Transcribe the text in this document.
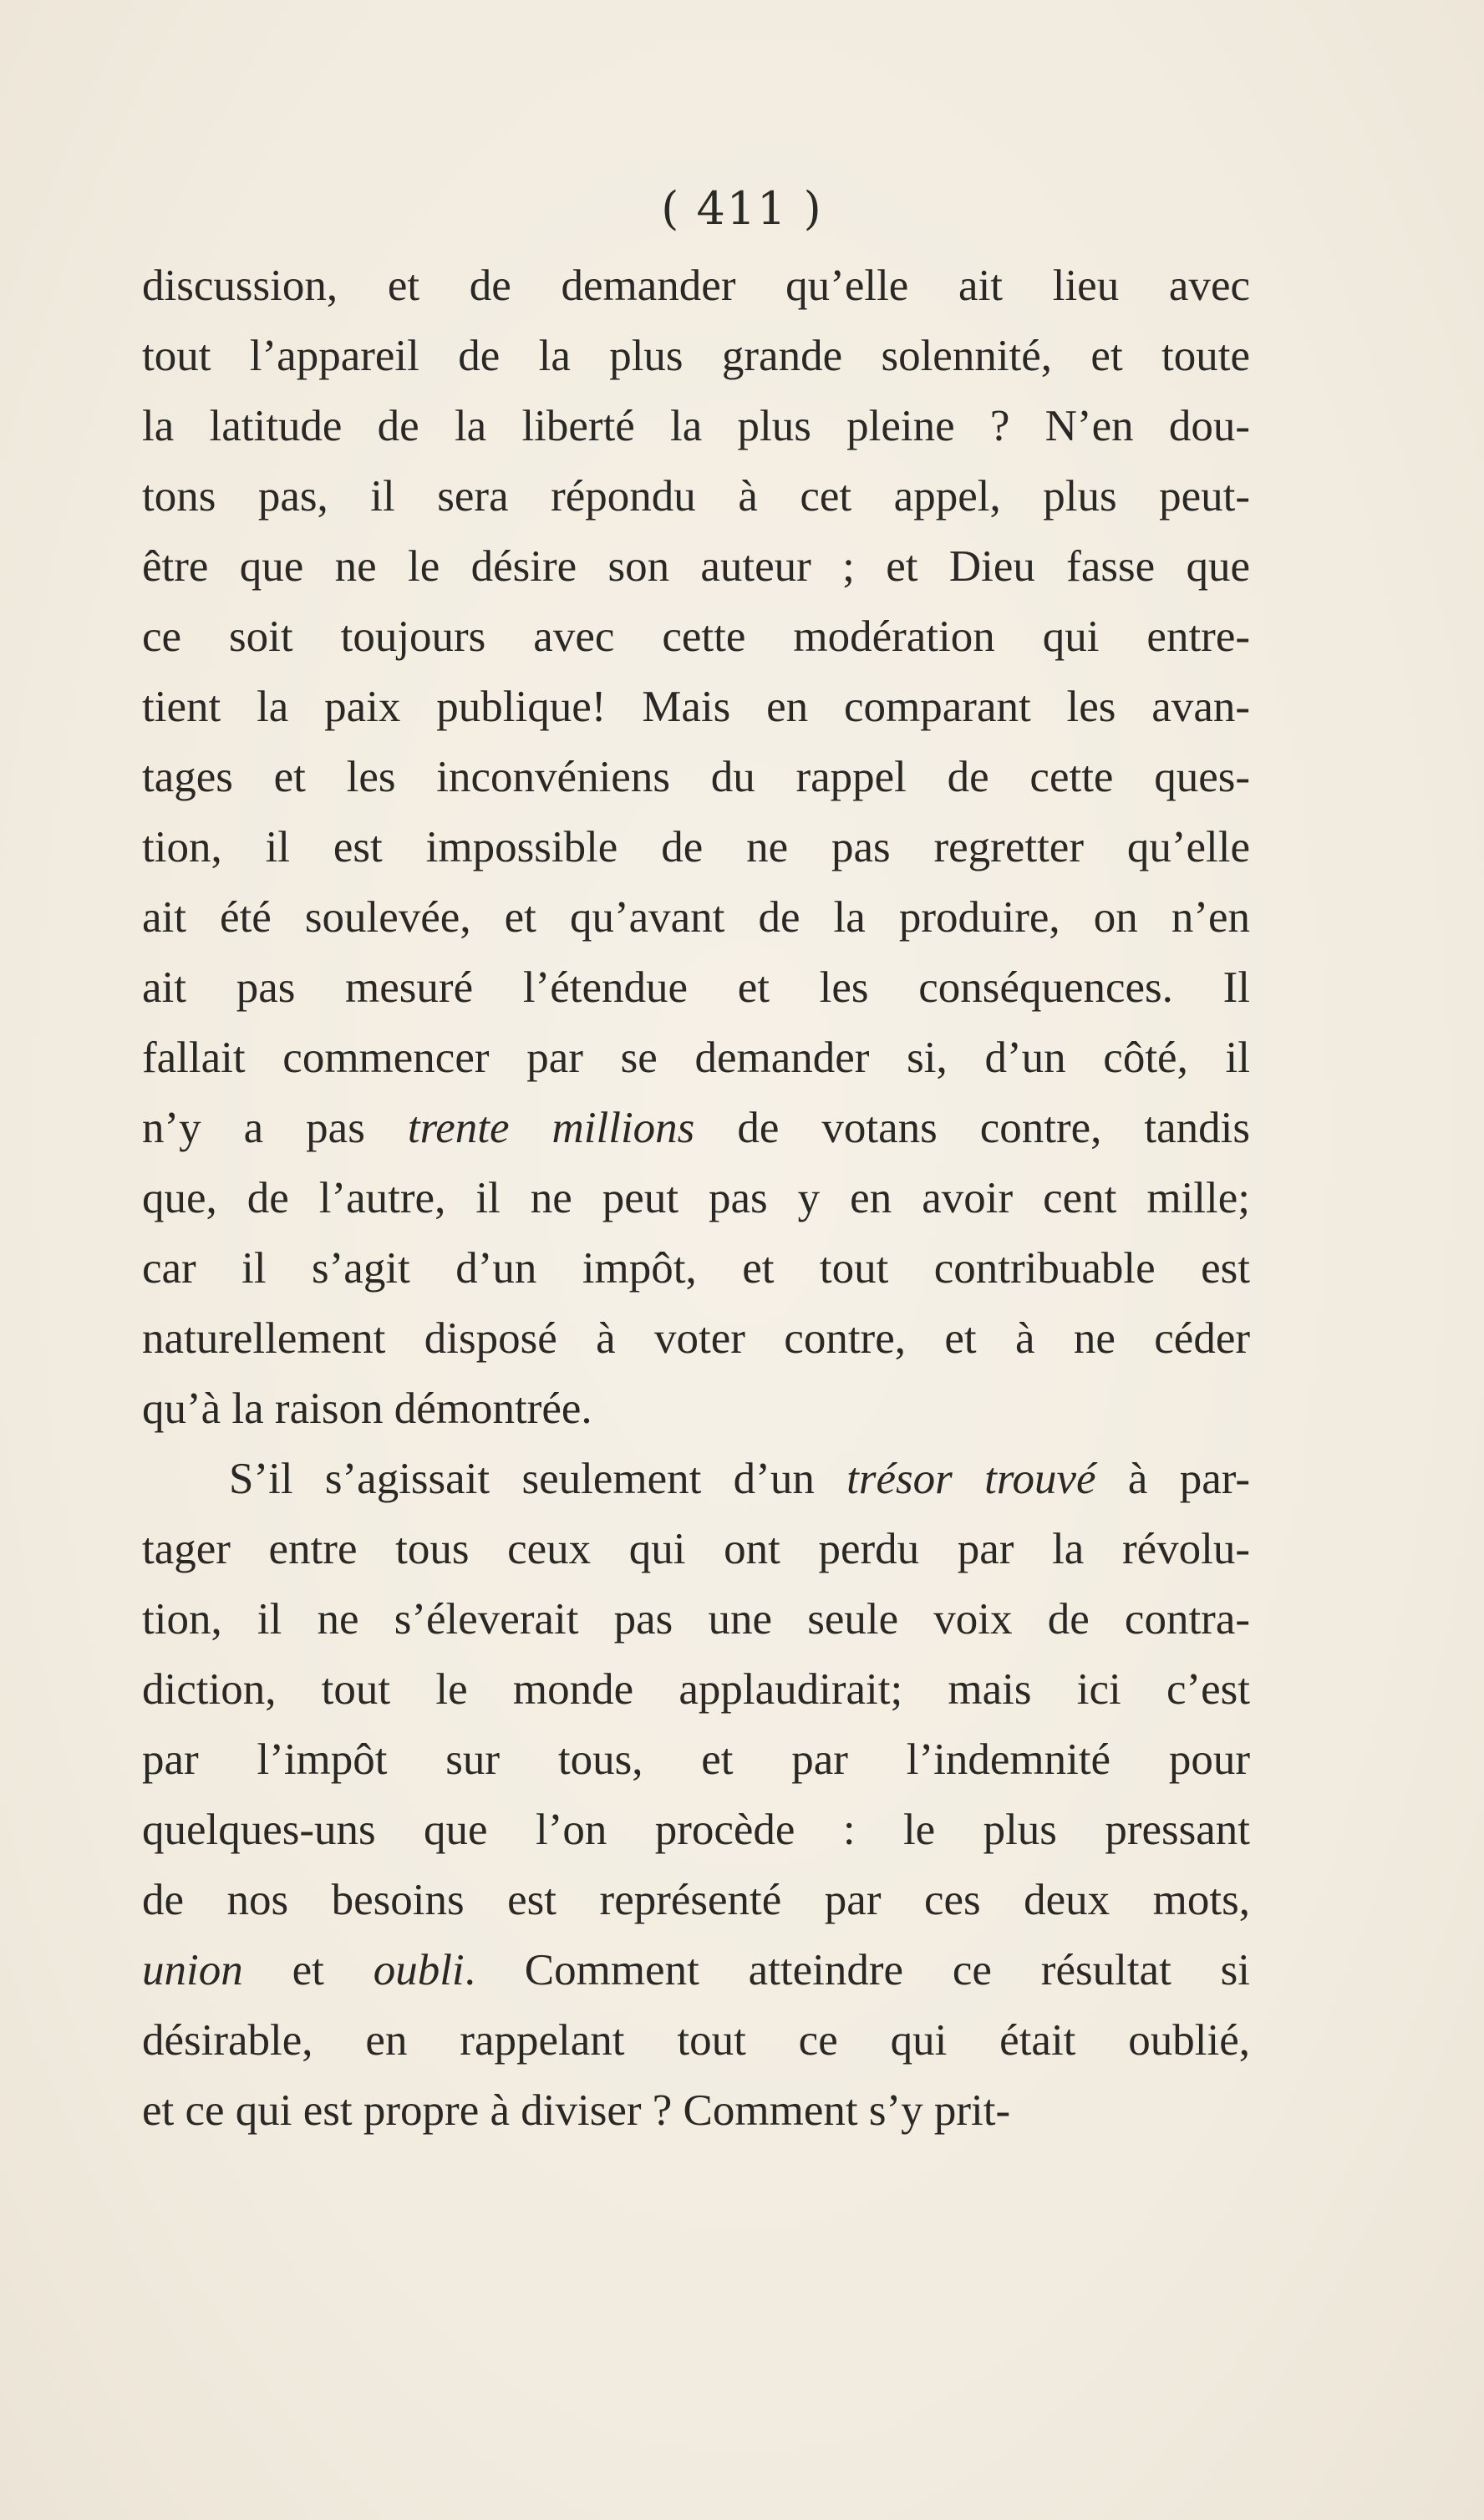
( 411 )
discussion, et de demander qu’elle ait lieu avec
tout l’appareil de la plus grande solennité, et toute
la latitude de la liberté la plus pleine ? N’en dou-
tons pas, il sera répondu à cet appel, plus peut-
être que ne le désire son auteur ; et Dieu fasse que
ce soit toujours avec cette modération qui entre-
tient la paix publique! Mais en comparant les avan-
tages et les inconvéniens du rappel de cette ques-
tion, il est impossible de ne pas regretter qu’elle
ait été soulevée, et qu’avant de la produire, on n’en
ait pas mesuré l’étendue et les conséquences. Il
fallait commencer par se demander si, d’un côté, il
n’y a pas trente millions de votans contre, tandis
que, de l’autre, il ne peut pas y en avoir cent mille;
car il s’agit d’un impôt, et tout contribuable est
naturellement disposé à voter contre, et à ne céder
qu’à la raison démontrée.
S’il s’agissait seulement d’un trésor trouvé à par-
tager entre tous ceux qui ont perdu par la révolu-
tion, il ne s’éleverait pas une seule voix de contra-
diction, tout le monde applaudirait; mais ici c’est
par l’impôt sur tous, et par l’indemnité pour
quelques-uns que l’on procède : le plus pressant
de nos besoins est représenté par ces deux mots,
union et oubli. Comment atteindre ce résultat si
désirable, en rappelant tout ce qui était oublié,
et ce qui est propre à diviser ? Comment s’y prit-
